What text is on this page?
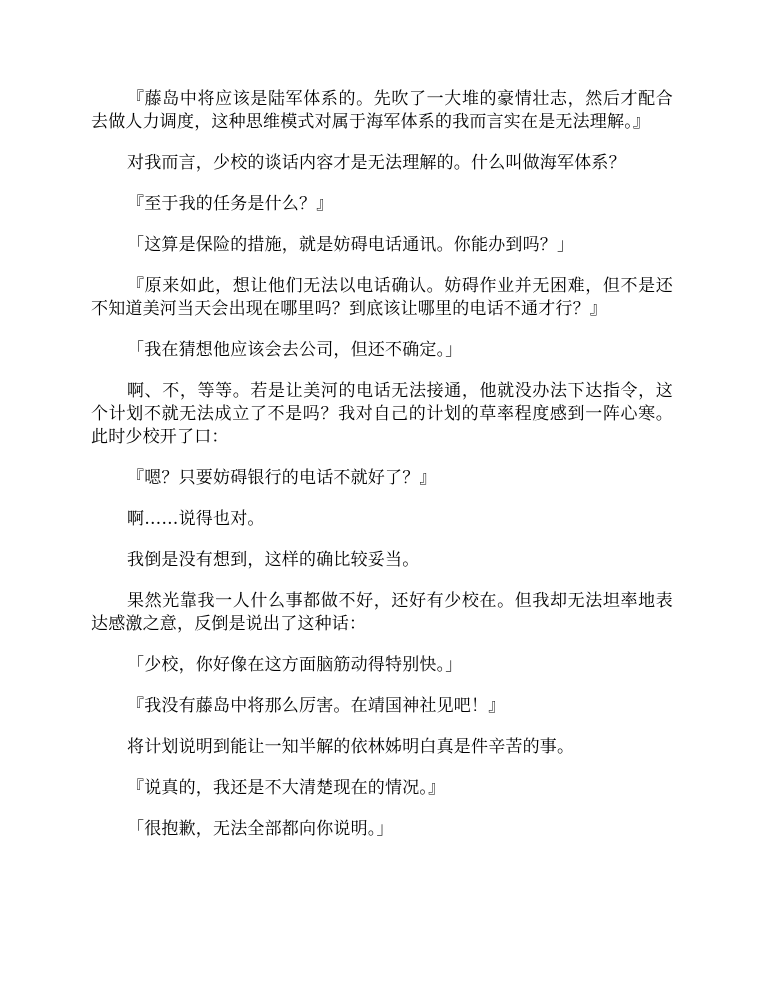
『藤岛中将应该是陆军体系的。先吹了一大堆的豪情壮志，然后才配合去做人力调度，这种思维模式对属于海军体系的我而言实在是无法理解。』

对我而言，少校的谈话内容才是无法理解的。什么叫做海军体系？

『至于我的任务是什么？』

「这算是保险的措施，就是妨碍电话通讯。你能办到吗？」

『原来如此，想让他们无法以电话确认。妨碍作业并无困难，但不是还不知道美河当天会出现在哪里吗？到底该让哪里的电话不通才行？』

「我在猜想他应该会去公司，但还不确定。」

啊、不，等等。若是让美河的电话无法接通，他就没办法下达指令，这个计划不就无法成立了不是吗？我对自己的计划的草率程度感到一阵心寒。此时少校开了口：

『嗯？只要妨碍银行的电话不就好了？』

啊……说得也对。

我倒是没有想到，这样的确比较妥当。

果然光靠我一人什么事都做不好，还好有少校在。但我却无法坦率地表达感激之意，反倒是说出了这种话：

「少校，你好像在这方面脑筋动得特别快。」

『我没有藤岛中将那么厉害。在靖国神社见吧！』

将计划说明到能让一知半解的依林姊明白真是件辛苦的事。

『说真的，我还是不大清楚现在的情况。』

「很抱歉，无法全部都向你说明。」
